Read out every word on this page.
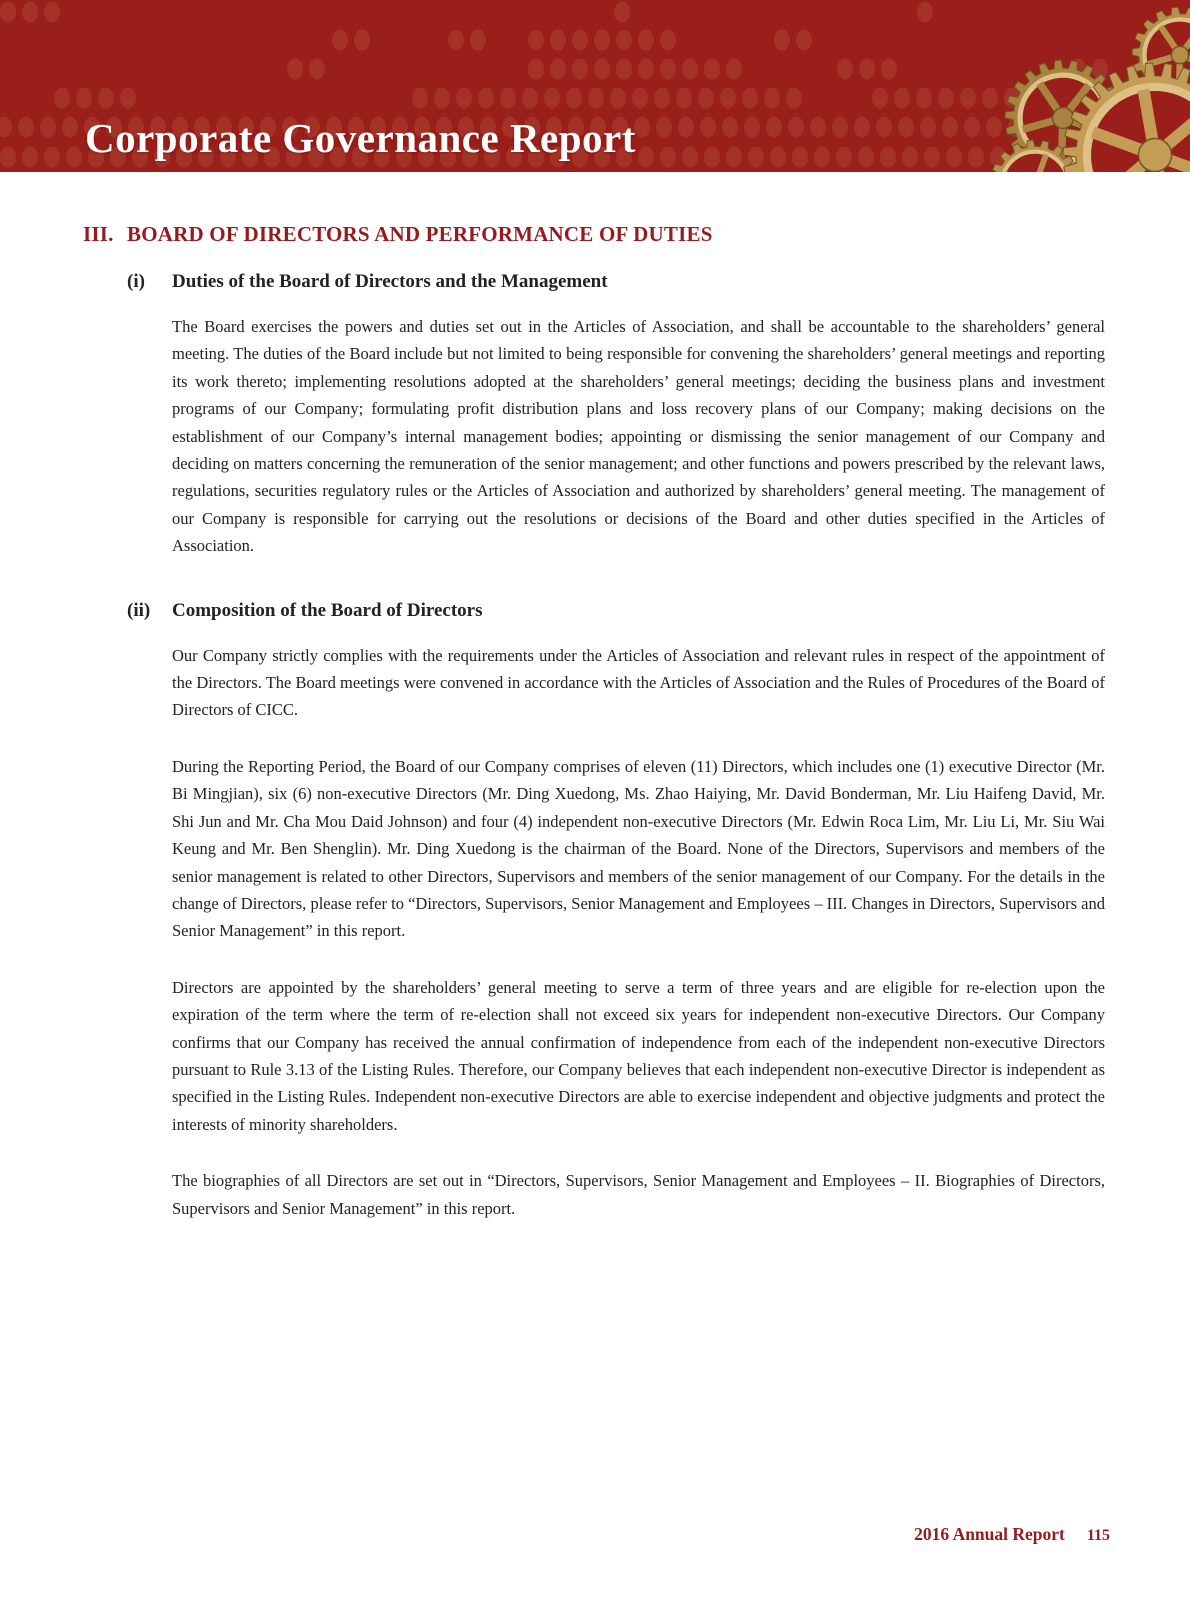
Corporate Governance Report
III. BOARD OF DIRECTORS AND PERFORMANCE OF DUTIES
(i)	Duties of the Board of Directors and the Management

The Board exercises the powers and duties set out in the Articles of Association, and shall be accountable to the shareholders’ general meeting. The duties of the Board include but not limited to being responsible for convening the shareholders’ general meetings and reporting its work thereto; implementing resolutions adopted at the shareholders’ general meetings; deciding the business plans and investment programs of our Company; formulating profit distribution plans and loss recovery plans of our Company; making decisions on the establishment of our Company’s internal management bodies; appointing or dismissing the senior management of our Company and deciding on matters concerning the remuneration of the senior management; and other functions and powers prescribed by the relevant laws, regulations, securities regulatory rules or the Articles of Association and authorized by shareholders’ general meeting. The management of our Company is responsible for carrying out the resolutions or decisions of the Board and other duties specified in the Articles of Association.

(ii)	Composition of the Board of Directors

Our Company strictly complies with the requirements under the Articles of Association and relevant rules in respect of the appointment of the Directors. The Board meetings were convened in accordance with the Articles of Association and the Rules of Procedures of the Board of Directors of CICC.

During the Reporting Period, the Board of our Company comprises of eleven (11) Directors, which includes one (1) executive Director (Mr. Bi Mingjian), six (6) non-executive Directors (Mr. Ding Xuedong, Ms. Zhao Haiying, Mr. David Bonderman, Mr. Liu Haifeng David, Mr. Shi Jun and Mr. Cha Mou Daid Johnson) and four (4) independent non-executive Directors (Mr. Edwin Roca Lim, Mr. Liu Li, Mr. Siu Wai Keung and Mr. Ben Shenglin). Mr. Ding Xuedong is the chairman of the Board. None of the Directors, Supervisors and members of the senior management is related to other Directors, Supervisors and members of the senior management of our Company. For the details in the change of Directors, please refer to “Directors, Supervisors, Senior Management and Employees – III. Changes in Directors, Supervisors and Senior Management” in this report.

Directors are appointed by the shareholders’ general meeting to serve a term of three years and are eligible for re-election upon the expiration of the term where the term of re-election shall not exceed six years for independent non-executive Directors. Our Company confirms that our Company has received the annual confirmation of independence from each of the independent non-executive Directors pursuant to Rule 3.13 of the Listing Rules. Therefore, our Company believes that each independent non-executive Director is independent as specified in the Listing Rules. Independent non-executive Directors are able to exercise independent and objective judgments and protect the interests of minority shareholders.

The biographies of all Directors are set out in “Directors, Supervisors, Senior Management and Employees – II. Biographies of Directors, Supervisors and Senior Management” in this report.

2016 Annual Report 115
